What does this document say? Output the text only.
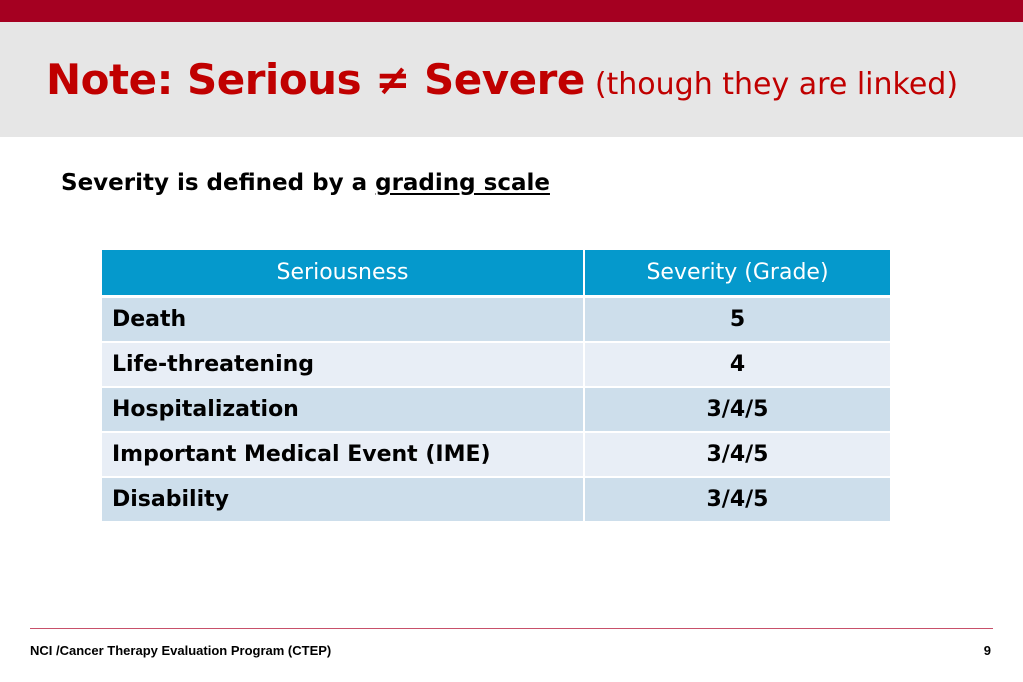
Note: Serious ≠ Severe (though they are linked)

Severity is defined by a grading scale

Seriousness	Severity (Grade)
Death	5
Life-threatening	4
Hospitalization	3/4/5
Important Medical Event (IME)	3/4/5
Disability	3/4/5

NCI /Cancer Therapy Evaluation Program (CTEP)	9
